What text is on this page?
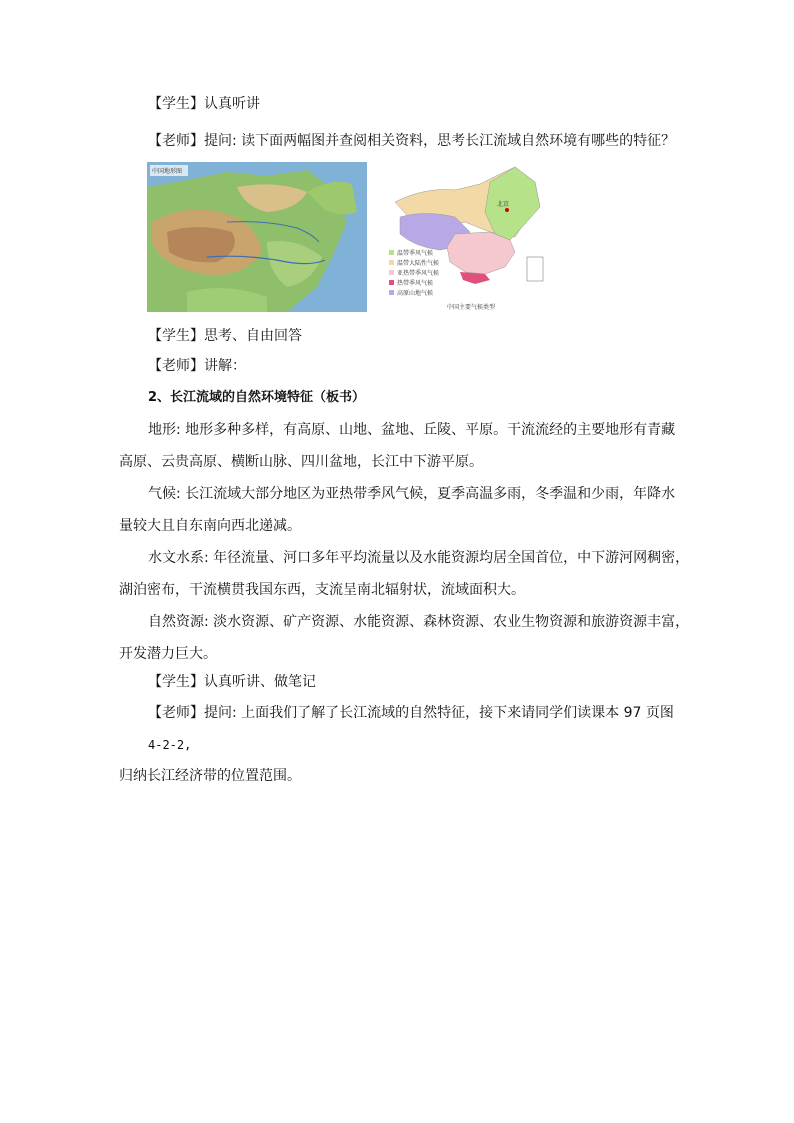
【学生】认真听讲
【老师】提问: 读下面两幅图并查阅相关资料，思考长江流域自然环境有哪些的特征？
中国地形图
北京
温带季风气候
温带大陆性气候
亚热带季风气候
热带季风气候
高原山地气候
中国主要气候类型
【学生】思考、自由回答
【老师】讲解：
2、长江流域的自然环境特征（板书）
地形: 地形多种多样，有高原、山地、盆地、丘陵、平原。干流流经的主要地形有青藏
高原、云贵高原、横断山脉、四川盆地，长江中下游平原。
气候: 长江流域大部分地区为亚热带季风气候，夏季高温多雨，冬季温和少雨，年降水
量较大且自东南向西北递减。
水文水系: 年径流量、河口多年平均流量以及水能资源均居全国首位，中下游河网稠密，
湖泊密布，干流横贯我国东西，支流呈南北辐射状，流域面积大。
自然资源: 淡水资源、矿产资源、水能资源、森林资源、农业生物资源和旅游资源丰富，
开发潜力巨大。
【学生】认真听讲、做笔记
【老师】提问: 上面我们了解了长江流域的自然特征，接下来请同学们读课本 97 页图
4-2-2,
归纳长江经济带的位置范围。
